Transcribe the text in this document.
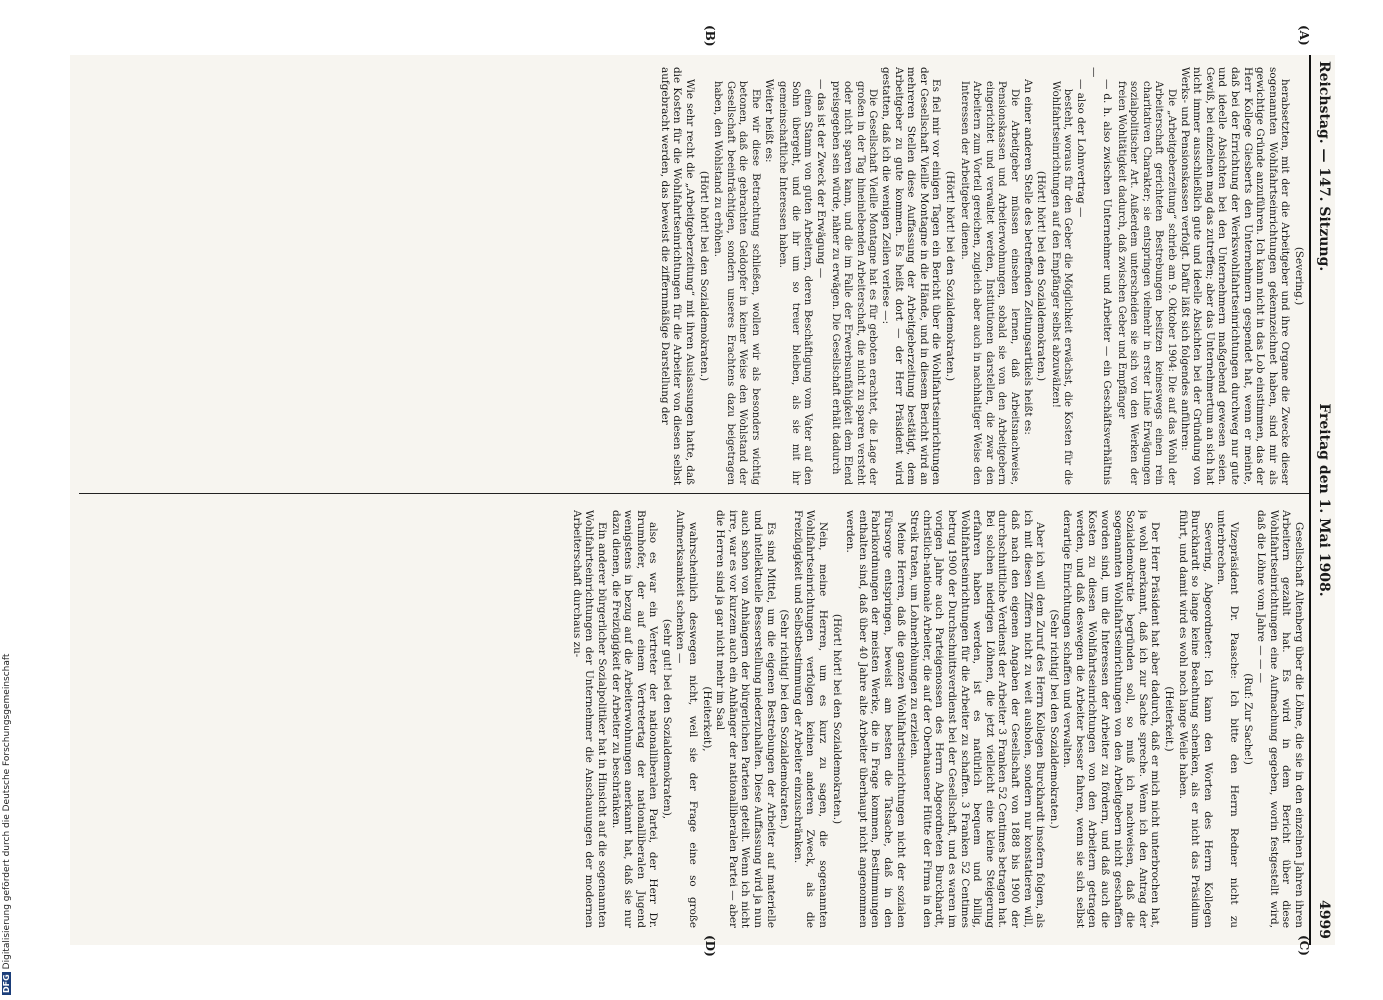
Reichstag. — 147. Sitzung.
Freitag den 1. Mai 1908.
4999
(A)
(B)
(C)
(D)

(Severing.)

herabsetzten, mit der die Arbeitgeber und ihre Organe die Zwecke dieser sogenannten Wohlfahrtseinrichtungen gekennzeichnet haben, sind mir als gewichtige Gründe anzuführen. Ich kann nicht in das Lob einstimmen, das der Herr Kollege Giesberts den Unternehmern gespendet hat, wenn er meinte, daß bei der Errichtung der Werkswohlfahrtseinrichtungen durchweg nur gute und ideelle Absichten bei den Unternehmern maßgebend gewesen seien. Gewiß, bei einzelnen mag das zutreffen; aber das Unternehmertum an sich hat nicht immer ausschließlich gute und ideelle Absichten bei der Gründung von Werks- und Pensionskassen verfolgt. Dafür läßt sich folgendes anführen:

Die „Arbeitgeberzeitung“ schrieb am 9. Oktober 1904: Die auf das Wohl der Arbeiterschaft gerichteten Bestrebungen besitzen keineswegs einen rein charitativen Charakter; sie entspringen vielmehr in erster Linie Erwägungen sozialpolitischer Art. Außerdem unterscheiden sie sich von den Werken der freien Wohltätigkeit dadurch, daß zwischen Geber und Empfänger

— d. h. also zwischen Unternehmer und Arbeiter — ein Geschäftsverhältnis —

— also der Lohnvertrag —

besteht, woraus für den Geber die Möglichkeit erwächst, die Kosten für die Wohlfahrtseinrichtungen auf den Empfänger selbst abzuwälzen!

(Hört! hört! bei den Sozialdemokraten.)

An einer anderen Stelle des betreffenden Zeitungsartikels heißt es:

Die Arbeitgeber müssen einsehen lernen, daß Arbeitsnachweise, Pensionskassen und Arbeiterwohnungen, sobald sie von den Arbeitgebern eingerichtet und verwaltet werden, Institutionen darstellen, die zwar den Arbeitern zum Vorteil gereichen, zugleich aber auch in nachhaltiger Weise den Interessen der Arbeitgeber dienen.

(Hört! hört! bei den Sozialdemokraten.)

Es fiel mir vor einigen Tagen ein Bericht über die Wohlfahrtseinrichtungen der Gesellschaft Vieille Montagne in die Hände, und in diesem Bericht wird an mehreren Stellen diese Auffassung der Arbeitgeberzeitung bestätigt, dem Arbeitgeber zu gute kommen. Es heißt dort — der Herr Präsident wird gestatten, daß ich die wenigen Zeilen verlese —:

Die Gesellschaft Vieille Montagne hat es für geboten erachtet, die Lage der großen in der Tag hineinlebenden Arbeiterschaft, die nicht zu sparen versteht oder nicht sparen kann, und die im Falle der Erwerbsunfähigkeit dem Elend preisgegeben sein würde, näher zu erwägen. Die Gesellschaft erhält dadurch

— das ist der Zweck der Erwägung —

einen Stamm von guten Arbeitern, deren Beschäftigung vom Vater auf den Sohn übergeht, und die ihr um so treuer bleiben, als sie mit ihr gemeinschaftliche Interessen haben.

Weiter heißt es:

Ehe wir diese Betrachtung schließen, wollen wir als besonders wichtig betonen, daß die gebrachten Geldopfer in keiner Weise den Wohlstand der Gesellschaft beeinträchtigen, sondern unseres Erachtens dazu beigetragen haben, den Wohlstand zu erhöhen.

(Hört! hört! bei den Sozialdemokraten.)

Wie sehr recht die „Arbeitgeberzeitung“ mit ihren Auslassungen hatte, daß die Kosten für die Wohlfahrtseinrichtungen für die Arbeiter von diesen selbst aufgebracht werden, das beweist die ziffernmäßige Darstellung der

Gesellschaft Altenberg über die Löhne, die sie in den einzelnen Jahren ihren Arbeitern gezahlt hat. Es wird in dem Bericht über diese Wohlfahrtseinrichtungen eine Aufmachung gegeben, worin festgestellt wird, daß die Löhne vom Jahre — — —

(Ruf: Zur Sache!)

Vizepräsident Dr. Paasche: Ich bitte den Herrn Redner nicht zu unterbrechen.

Severing, Abgeordneter: Ich kann den Worten des Herrn Kollegen Burckhardt so lange keine Beachtung schenken, als er nicht das Präsidium führt, und damit wird es wohl noch lange Weile haben.

(Heiterkeit.)

Der Herr Präsident hat aber dadurch, daß er mich nicht unterbrochen hat, ja wohl anerkannt, daß ich zur Sache spreche. Wenn ich den Antrag der Sozialdemokratie begründen soll, so muß ich nachweisen, daß die sogenannten Wohlfahrtseinrichtungen von den Arbeitgebern nicht geschaffen worden sind, um die Interessen der Arbeiter zu fördern, und daß auch die Kosten zu diesen Wohlfahrtseinrichtungen von den Arbeitern getragen werden, und daß deswegen die Arbeiter besser fahren, wenn sie sich selbst derartige Einrichtungen schaffen und verwalten.

(Sehr richtig! bei den Sozialdemokraten.)

Aber ich will dem Zuruf des Herrn Kollegen Burckhardt insofern folgen, als ich mit diesen Ziffern nicht zu weit ausholen, sondern nur konstatieren will, daß nach den eigenen Angaben der Gesellschaft von 1888 bis 1900 der durchschnittliche Verdienst der Arbeiter 3 Franken 52 Centimes betragen hat. Bei solchen niedrigen Löhnen, die jetzt vielleicht eine kleine Steigerung erfahren haben werden, ist es natürlich bequem und billig, Wohlfahrtseinrichtungen für die Arbeiter zu schaffen. 3 Franken 52 Centimes betrug 1900 der Durchschnittsverdienst bei der Gesellschaft, und es waren im vorigen Jahre auch Parteigenossen des Herrn Abgeordneten Burckhardt, christlich-nationale Arbeiter, die auf der Oberhausener Hütte der Firma in den Streik traten, um Lohnerhöhungen zu erzielen.

Meine Herren, daß die ganzen Wohlfahrtseinrichtungen nicht der sozialen Fürsorge entspringen, beweist am besten die Tatsache, daß in den Fabrikordnungen der meisten Werke, die in Frage kommen, Bestimmungen enthalten sind, daß über 40 Jahre alte Arbeiter überhaupt nicht angenommen werden.

(Hört! hört! bei den Sozialdemokraten.)

Nein, meine Herren, um es kurz zu sagen, die sogenannten Wohlfahrtseinrichtungen verfolgen keinen anderen Zweck, als die Freizügigkeit und Selbstbestimmung der Arbeiter einzuschränken.

(Sehr richtig! bei den Sozialdemokraten.)

Es sind Mittel, um die eigenen Bestrebungen der Arbeiter auf materielle und intellektuelle Besserstellung niederzuhalten. Diese Auffassung wird ja nun auch schon von Anhängern der bürgerlichen Parteien geteilt. Wenn ich nicht irre, war es vor kurzem auch ein Anhänger der nationalliberalen Partei — aber die Herren sind ja gar nicht mehr im Saal

(Heiterkeit),

wahrscheinlich deswegen nicht, weil sie der Frage eine so große Aufmerksamkeit schenken —

(sehr gut! bei den Sozialdemokraten),

also es war ein Vertreter der nationalliberalen Partei, der Herr Dr. Brumhofer, der auf einem Vertretertag der nationalliberalen Jugend wenigstens in bezug auf die Arbeiterwohnungen anerkannt hat, daß sie nur dazu dienen, die Freizügigkeit der Arbeiter zu beschränken.

Ein anderer bürgerlicher Sozialpolitiker hat in Hinsicht auf die sogenannten Wohlfahrtseinrichtungen der Unternehmer die Anschauungen der modernen Arbeiterschaft durchaus zu-

DFGDigitalisierung gefördert durch die Deutsche Forschungsgemeinschaft
